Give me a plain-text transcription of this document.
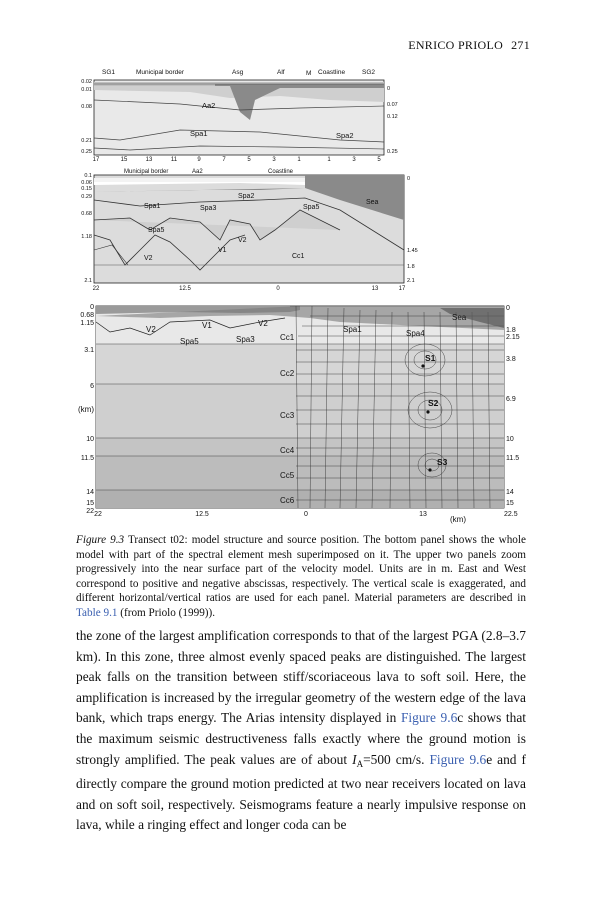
ENRICO PRIOLO 271
SG1	Municipal border	Asg	Alf	M Coastline	SG2
0.02
0.01
0.08
0.21
0.25
0
0.07
0.12
0.25
17	15	13	11	9	7	5	3	1	1	3	5
Aa2
Spa1	Spa2
Municipal border	Aa2	Coastline
0.1
0.06
0.15
0.29
0.68
1.18
2.1
0
1.45
1.8
2.1
22	12.5	0	13	17
Spa1	Spa3
Spa2
Spa5
Spa5
V1
V2
V2	Cc1
Sea
S1
S2
S3
0
0.68
1.15
3.1
6
10
11.5
14
15
22
0
1.8
2.15
3.8
6.9
10
11.5
14
15
22.5
22	12.5	0	13
(km)
(km)
Spa5	Spa3	Cc1
Cc2
Cc3
Cc4
Cc5
Cc6
Spa1	Spa4
Sea
V1
V2
V2
Figure 9.3 Transect t02: model structure and source position. The bottom panel shows the whole model with part of the spectral element mesh superimposed on it. The upper two panels zoom progressively into the near surface part of the velocity model. Units are in m. East and West correspond to positive and negative abscissas, respectively. The vertical scale is exaggerated, and different horizontal/vertical ratios are used for each panel. Material parameters are described in Table 9.1 (from Priolo (1999)).
the zone of the largest amplification corresponds to that of the largest PGA (2.8–3.7 km). In this zone, three almost evenly spaced peaks are distinguished. The largest peak falls on the transition between stiff/scoriaceous lava to soft soil. Here, the amplification is increased by the irregular geometry of the western edge of the lava bank, which traps energy. The Arias intensity displayed in Figure 9.6c shows that the maximum seismic destructiveness falls exactly where the ground motion is strongly amplified. The peak values are of about $I_A=500$ cm/s. Figure 9.6e and f directly compare the ground motion predicted at two near receivers located on lava and on soft soil, respectively. Seismograms feature a nearly impulsive response on lava, while a ringing effect and longer coda can be
